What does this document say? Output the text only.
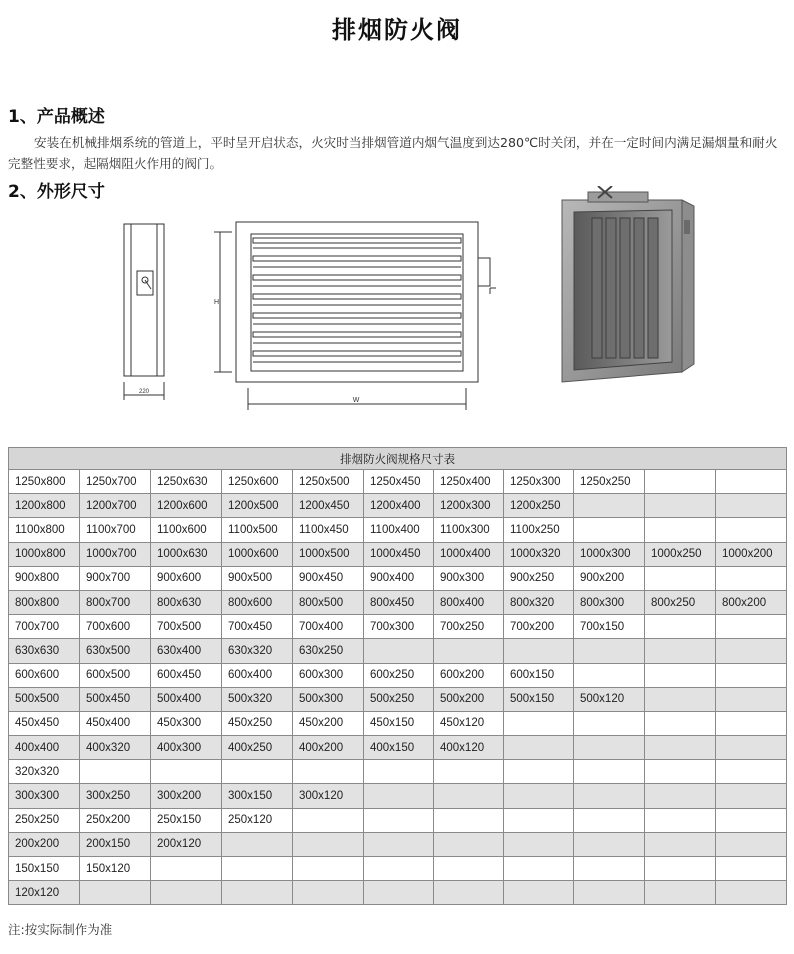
排烟防火阀
1、产品概述
安装在机械排烟系统的管道上，平时呈开启状态，火灾时当排烟管道内烟气温度到达280℃时关闭，并在一定时间内满足漏烟量和耐火完整性要求，起隔烟阻火作用的阀门。
2、外形尺寸
220
H
W
排烟防火阀规格尺寸表										
1250x800	1250x700	1250x630	1250x600	1250x500	1250x450	1250x400	1250x300	1250x250		
1200x800	1200x700	1200x600	1200x500	1200x450	1200x400	1200x300	1200x250			
1100x800	1100x700	1100x600	1100x500	1100x450	1100x400	1100x300	1100x250			
1000x800	1000x700	1000x630	1000x600	1000x500	1000x450	1000x400	1000x320	1000x300	1000x250	1000x200
900x800	900x700	900x600	900x500	900x450	900x400	900x300	900x250	900x200		
800x800	800x700	800x630	800x600	800x500	800x450	800x400	800x320	800x300	800x250	800x200
700x700	700x600	700x500	700x450	700x400	700x300	700x250	700x200	700x150		
630x630	630x500	630x400	630x320	630x250						
600x600	600x500	600x450	600x400	600x300	600x250	600x200	600x150			
500x500	500x450	500x400	500x320	500x300	500x250	500x200	500x150	500x120		
450x450	450x400	450x300	450x250	450x200	450x150	450x120				
400x400	400x320	400x300	400x250	400x200	400x150	400x120				
320x320										
300x300	300x250	300x200	300x150	300x120						
250x250	250x200	250x150	250x120							
200x200	200x150	200x120								
150x150	150x120									
120x120										
注:按实际制作为准
